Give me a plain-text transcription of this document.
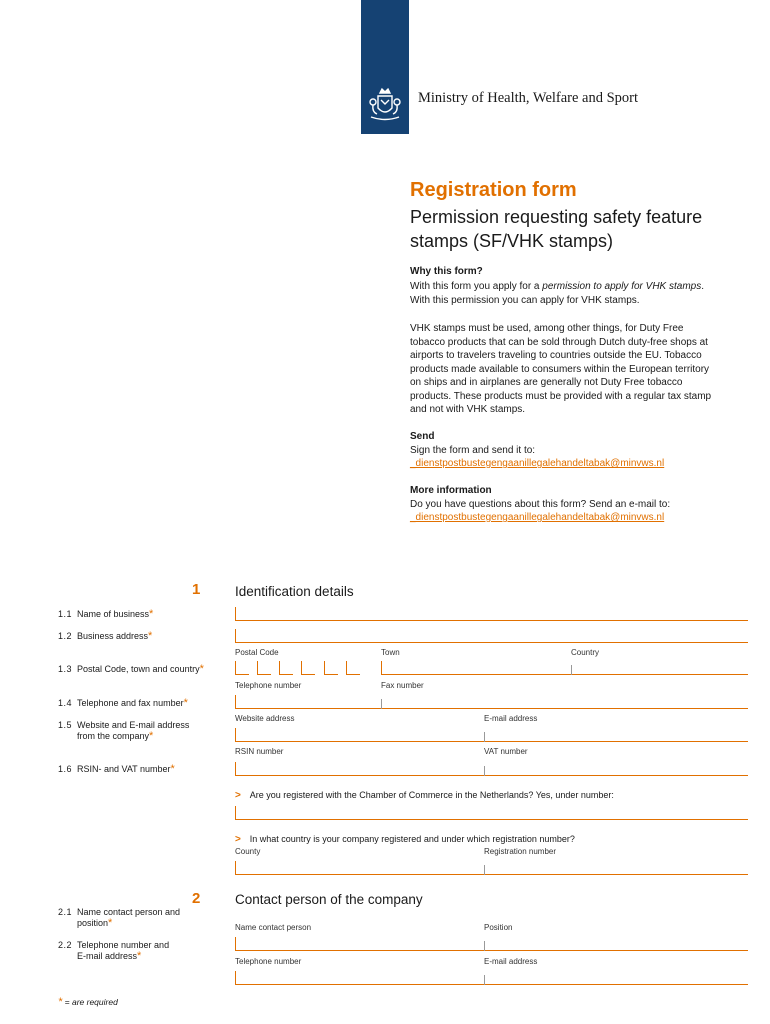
Ministry of Health, Welfare and Sport
Registration form
Permission requesting safety feature stamps (SF/VHK stamps)
Why this form?
With this form you apply for a permission to apply for VHK stamps. With this permission you can apply for VHK stamps.
VHK stamps must be used, among other things, for Duty Free tobacco products that can be sold through Dutch duty-free shops at airports to travelers traveling to countries outside the EU. Tobacco products made available to consumers within the European territory on ships and in airplanes are generally not Duty Free tobacco products. These products must be provided with a regular tax stamp and not with VHK stamps.
Send
Sign the form and send it to:
_dienstpostbustegengaanillegalehandeltabak@minvws.nl
More information
Do you have questions about this form? Send an e-mail to:
_dienstpostbustegengaanillegalehandeltabak@minvws.nl
1	Identification details
1.1 Name of business*
1.2 Business address*
Postal Code	Town	Country
1.3 Postal Code, town and country*
Telephone number	Fax number
1.4 Telephone and fax number*
Website address	E-mail address
1.5 Website and E-mail address
from the company*
RSIN number	VAT number
1.6 RSIN- and VAT number*
> Are you registered with the Chamber of Commerce in the Netherlands? Yes, under number:
> In what country is your company registered and under which registration number?
County	Registration number
2	Contact person of the company
2.1 Name contact person and
position*	Name contact person	Position
2.2 Telephone number and
E-mail address*	Telephone number	E-mail address
* = are required
